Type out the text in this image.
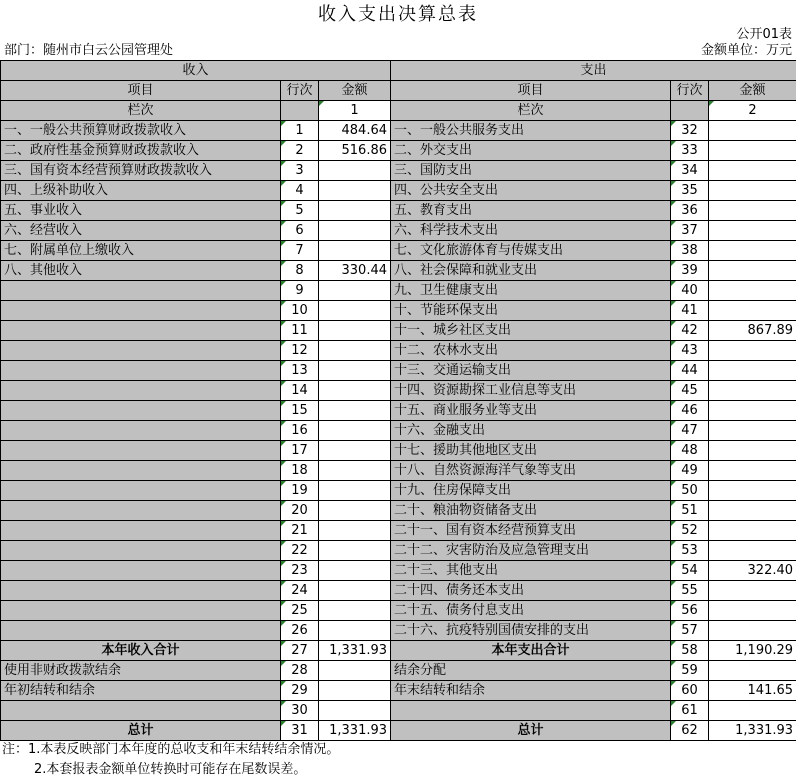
收入支出决算总表
公开01表
部门：随州市白云公园管理处	金额单位：万元
收入			支出		
项目	行次	金额	项目	行次	金额
栏次		1	栏次		2
一、一般公共预算财政拨款收入	1	484.64	一、一般公共服务支出	32	
二、政府性基金预算财政拨款收入	2	516.86	二、外交支出	33	
三、国有资本经营预算财政拨款收入	3		三、国防支出	34	
四、上级补助收入	4		四、公共安全支出	35	
五、事业收入	5		五、教育支出	36	
六、经营收入	6		六、科学技术支出	37	
七、附属单位上缴收入	7		七、文化旅游体育与传媒支出	38	
八、其他收入	8	330.44	八、社会保障和就业支出	39	
	9		九、卫生健康支出	40	
	10		十、节能环保支出	41	
	11		十一、城乡社区支出	42	867.89
	12		十二、农林水支出	43	
	13		十三、交通运输支出	44	
	14		十四、资源勘探工业信息等支出	45	
	15		十五、商业服务业等支出	46	
	16		十六、金融支出	47	
	17		十七、援助其他地区支出	48	
	18		十八、自然资源海洋气象等支出	49	
	19		十九、住房保障支出	50	
	20		二十、粮油物资储备支出	51	
	21		二十一、国有资本经营预算支出	52	
	22		二十二、灾害防治及应急管理支出	53	
	23		二十三、其他支出	54	322.40
	24		二十四、债务还本支出	55	
	25		二十五、债务付息支出	56	
	26		二十六、抗疫特别国债安排的支出	57	
本年收入合计	27	1,331.93	本年支出合计	58	1,190.29
使用非财政拨款结余	28		结余分配	59	
年初结转和结余	29		年末结转和结余	60	141.65
	30			61	
总计	31	1,331.93	总计	62	1,331.93
注：1.本表反映部门本年度的总收支和年末结转结余情况。
2.本套报表金额单位转换时可能存在尾数误差。
